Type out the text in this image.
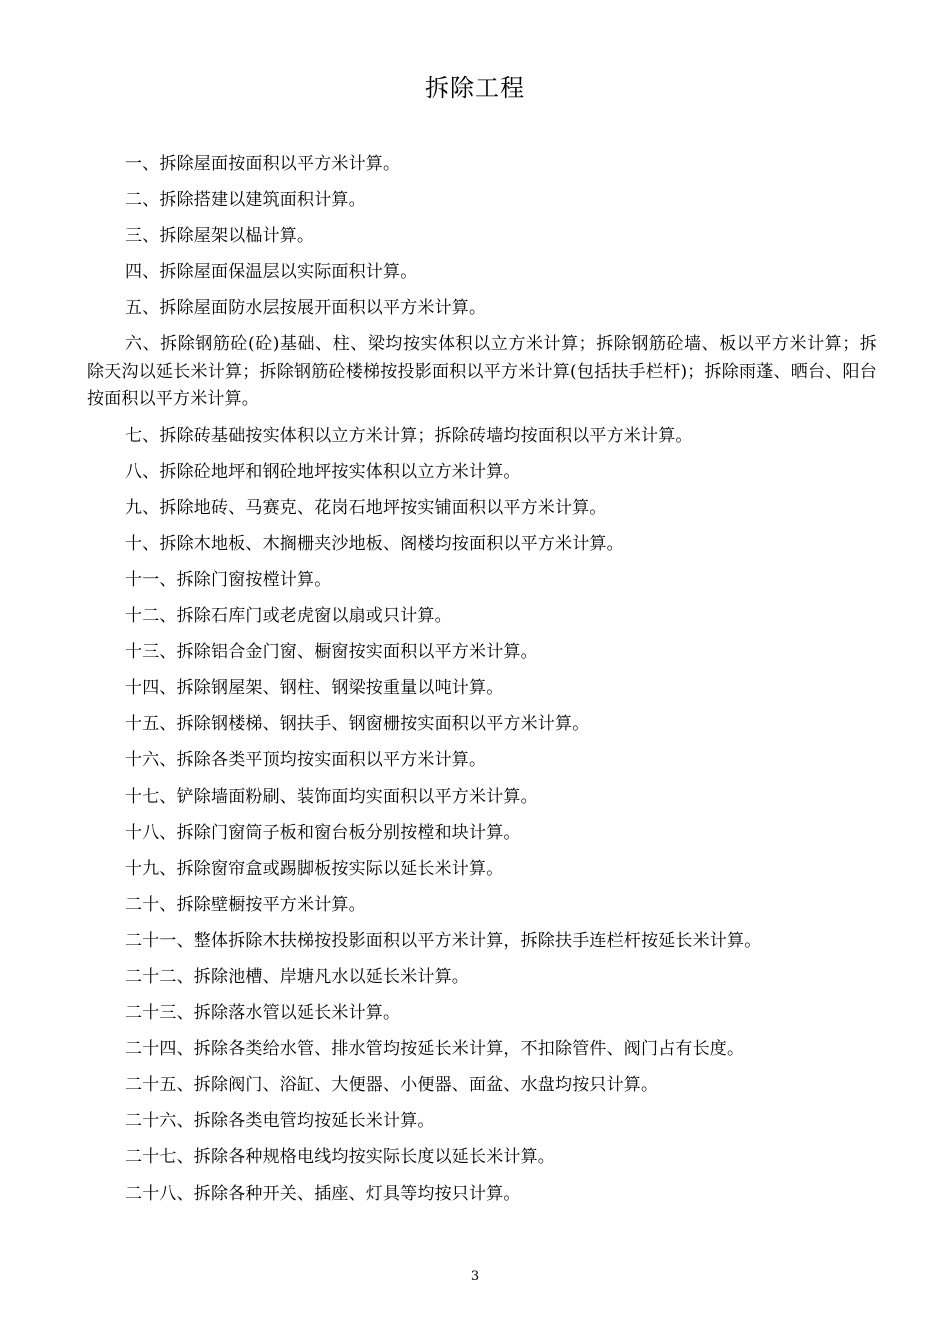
拆除工程

一、拆除屋面按面积以平方米计算。

二、拆除搭建以建筑面积计算。

三、拆除屋架以榀计算。

四、拆除屋面保温层以实际面积计算。

五、拆除屋面防水层按展开面积以平方米计算。

六、拆除钢筋砼(砼)基础、柱、梁均按实体积以立方米计算；拆除钢筋砼墙、板以平方米计算；拆除天沟以延长米计算；拆除钢筋砼楼梯按投影面积以平方米计算(包括扶手栏杆)；拆除雨蓬、晒台、阳台按面积以平方米计算。

七、拆除砖基础按实体积以立方米计算；拆除砖墙均按面积以平方米计算。

八、拆除砼地坪和钢砼地坪按实体积以立方米计算。

九、拆除地砖、马赛克、花岗石地坪按实铺面积以平方米计算。

十、拆除木地板、木搁栅夹沙地板、阁楼均按面积以平方米计算。

十一、拆除门窗按樘计算。

十二、拆除石库门或老虎窗以扇或只计算。

十三、拆除铝合金门窗、橱窗按实面积以平方米计算。

十四、拆除钢屋架、钢柱、钢梁按重量以吨计算。

十五、拆除钢楼梯、钢扶手、钢窗栅按实面积以平方米计算。

十六、拆除各类平顶均按实面积以平方米计算。

十七、铲除墙面粉刷、装饰面均实面积以平方米计算。

十八、拆除门窗筒子板和窗台板分别按樘和块计算。

十九、拆除窗帘盒或踢脚板按实际以延长米计算。

二十、拆除壁橱按平方米计算。

二十一、整体拆除木扶梯按投影面积以平方米计算，拆除扶手连栏杆按延长米计算。

二十二、拆除池槽、岸塘凡水以延长米计算。

二十三、拆除落水管以延长米计算。

二十四、拆除各类给水管、排水管均按延长米计算，不扣除管件、阀门占有长度。

二十五、拆除阀门、浴缸、大便器、小便器、面盆、水盘均按只计算。

二十六、拆除各类电管均按延长米计算。

二十七、拆除各种规格电线均按实际长度以延长米计算。

二十八、拆除各种开关、插座、灯具等均按只计算。

3
